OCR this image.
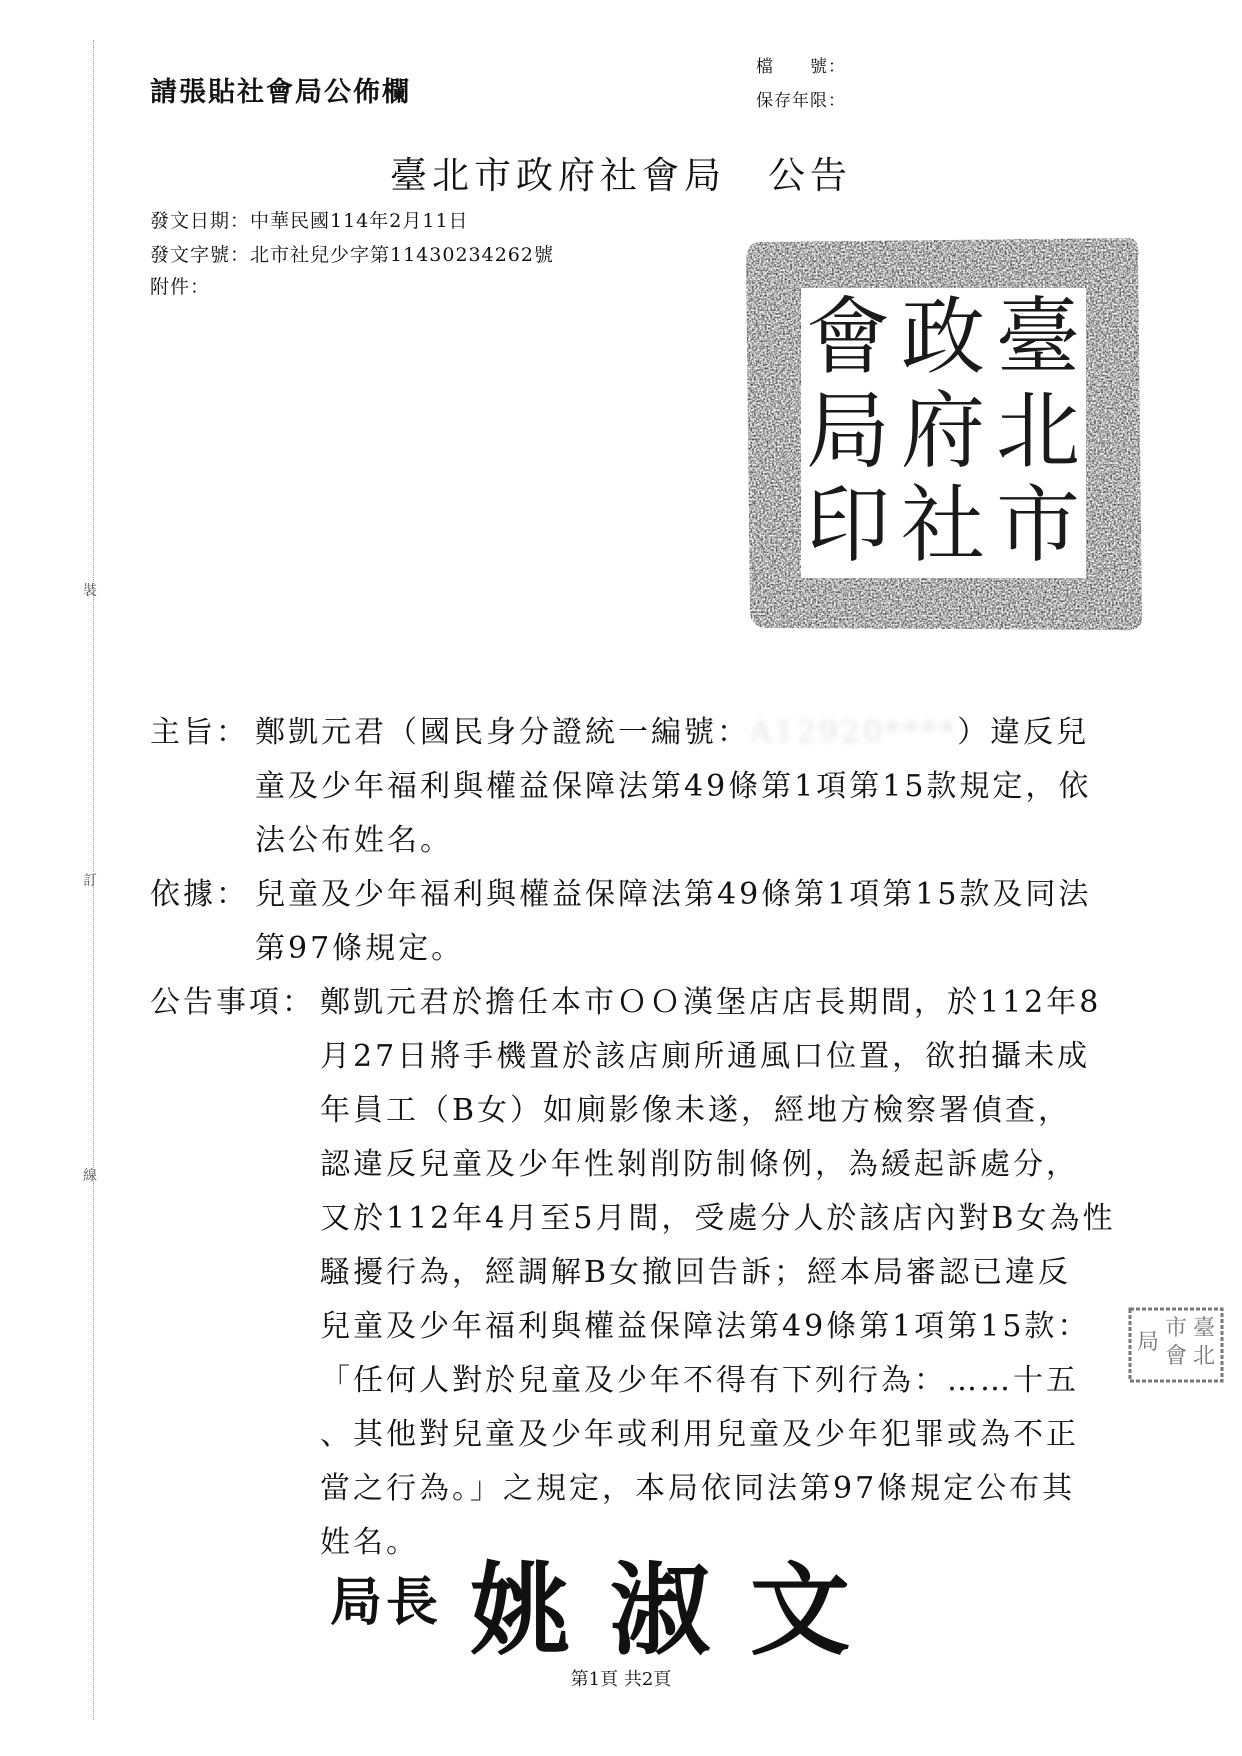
裝
訂
線
請張貼社會局公佈欄
檔　　號：
保存年限：
臺北市政府社會局　公告
發文日期：中華民國114年2月11日
發文字號：北市社兒少字第11430234262號
附件：
臺
北
市
政
府
社
會
局
印
臺
北
市
會
局
主旨： 鄭凱元君（國民身分證統一編號：A12920****）違反兒
童及少年福利與權益保障法第49條第1項第15款規定，依
法公布姓名。
依據： 兒童及少年福利與權益保障法第49條第1項第15款及同法
第97條規定。
公告事項： 鄭凱元君於擔任本市ＯＯ漢堡店店長期間，於112年8
月27日將手機置於該店廁所通風口位置，欲拍攝未成
年員工（B女）如廁影像未遂，經地方檢察署偵查，
認違反兒童及少年性剝削防制條例，為緩起訴處分，
又於112年4月至5月間，受處分人於該店內對B女為性
騷擾行為，經調解B女撤回告訴；經本局審認已違反
兒童及少年福利與權益保障法第49條第1項第15款：
「任何人對於兒童及少年不得有下列行為：……十五
、其他對兒童及少年或利用兒童及少年犯罪或為不正
當之行為。」之規定，本局依同法第97條規定公布其
姓名。
局長 姚淑文
第1頁 共2頁
